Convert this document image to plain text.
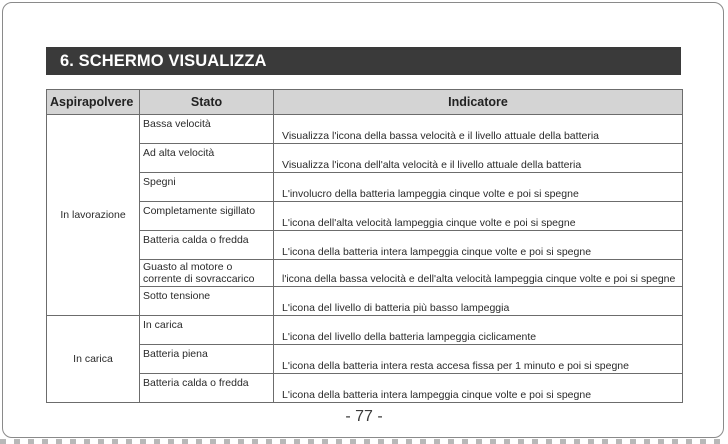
6. SCHERMO VISUALIZZA
Aspirapolvere	Stato	Indicatore
In lavorazione	Bassa velocità	Visualizza l'icona della bassa velocità e il livello attuale della batteria
	Ad alta velocità	Visualizza l'icona dell'alta velocità e il livello attuale della batteria
	Spegni	L'involucro della batteria lampeggia cinque volte e poi si spegne
	Completamente sigillato	L'icona dell'alta velocità lampeggia cinque volte e poi si spegne
	Batteria calda o fredda	L'icona della batteria intera lampeggia cinque volte e poi si spegne
	Guasto al motore o corrente di sovraccarico	l'icona della bassa velocità e dell'alta velocità lampeggia cinque volte e poi si spegne
	Sotto tensione	L'icona del livello di batteria più basso lampeggia
In carica	In carica	L'icona del livello della batteria lampeggia ciclicamente
	Batteria piena	L'icona della batteria intera resta accesa fissa per 1 minuto e poi si spegne
	Batteria calda o fredda	L'icona della batteria intera lampeggia cinque volte e poi si spegne
- 77 -
